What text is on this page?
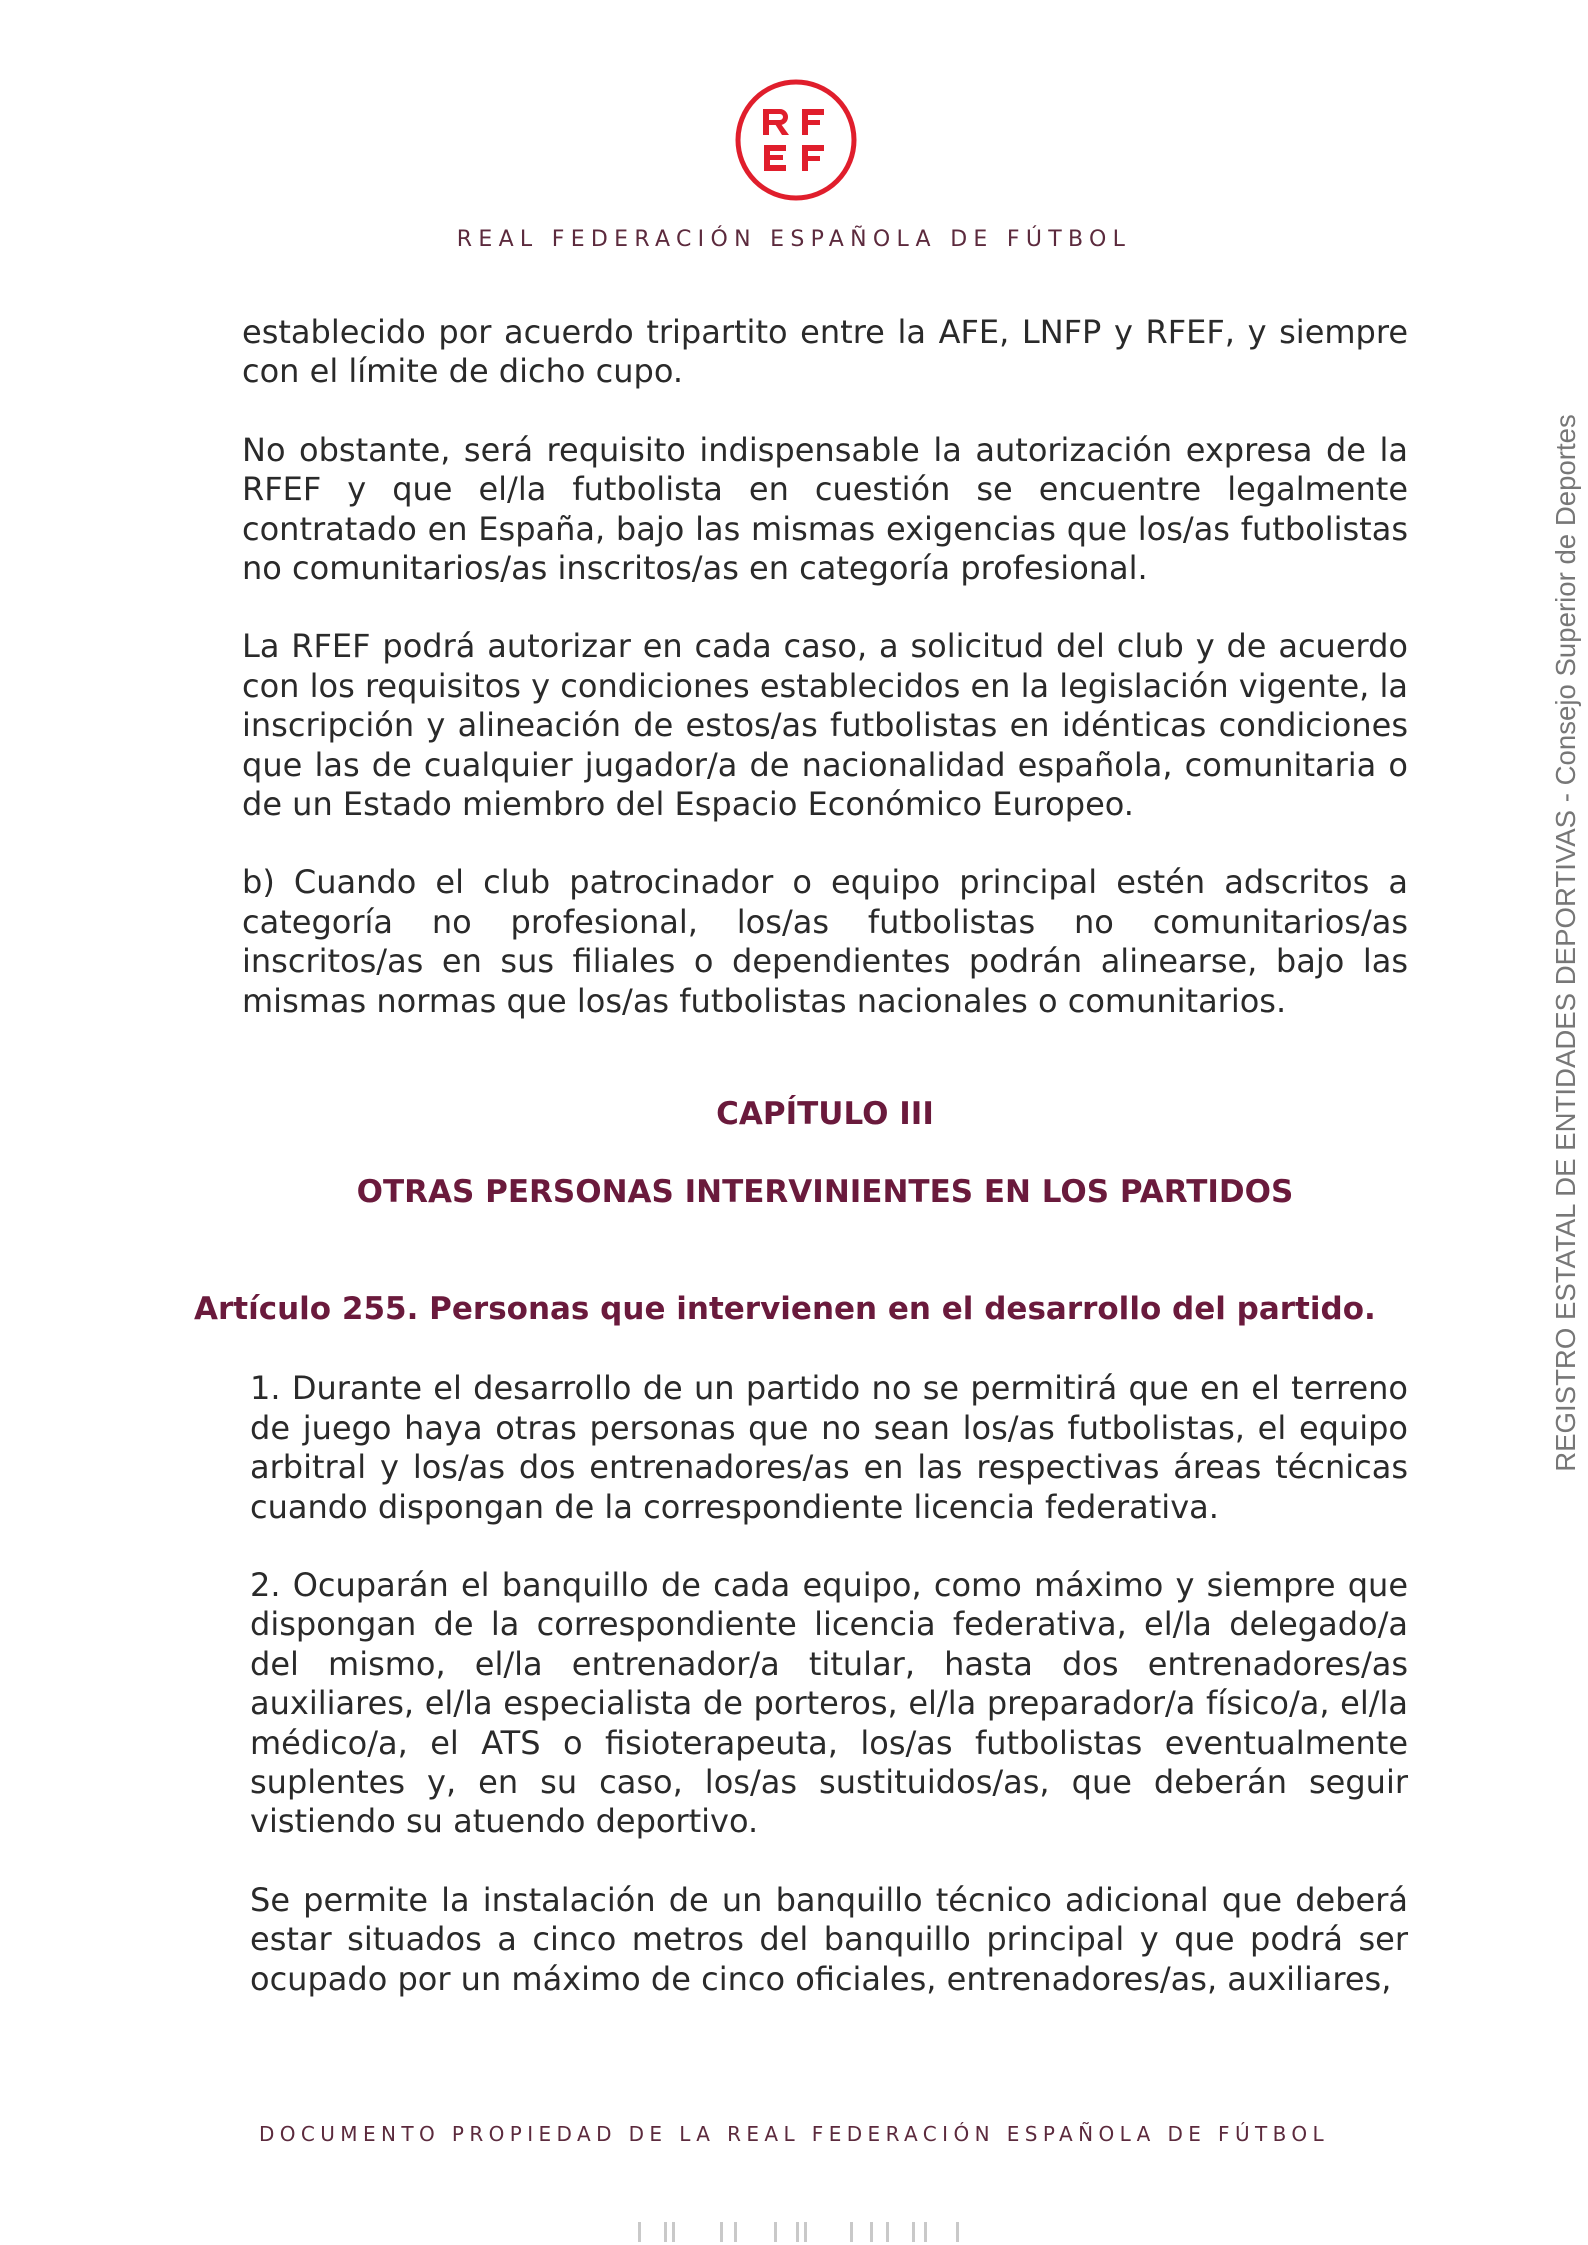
REAL FEDERACIÓN ESPAÑOLA DE FÚTBOL

establecido por acuerdo tripartito entre la AFE, LNFP y RFEF, y siempre con el límite de dicho cupo.

No obstante, será requisito indispensable la autorización expresa de la RFEF y que el/la futbolista en cuestión se encuentre legalmente contratado en España, bajo las mismas exigencias que los/as futbolistas no comunitarios/as inscritos/as en categoría profesional.

La RFEF podrá autorizar en cada caso, a solicitud del club y de acuerdo con los requisitos y condiciones establecidos en la legislación vigente, la inscripción y alineación de estos/as futbolistas en idénticas condiciones que las de cualquier jugador/a de nacionalidad española, comunitaria o de un Estado miembro del Espacio Económico Europeo.

b) Cuando el club patrocinador o equipo principal estén adscritos a categoría no profesional, los/as futbolistas no comunitarios/as inscritos/as en sus filiales o dependientes podrán alinearse, bajo las mismas normas que los/as futbolistas nacionales o comunitarios.

CAPÍTULO III
OTRAS PERSONAS INTERVINIENTES EN LOS PARTIDOS
Artículo 255. Personas que intervienen en el desarrollo del partido.

1. Durante el desarrollo de un partido no se permitirá que en el terreno de juego haya otras personas que no sean los/as futbolistas, el equipo arbitral y los/as dos entrenadores/as en las respectivas áreas técnicas cuando dispongan de la correspondiente licencia federativa.

2. Ocuparán el banquillo de cada equipo, como máximo y siempre que dispongan de la correspondiente licencia federativa, el/la delegado/a del mismo, el/la entrenador/a titular, hasta dos entrenadores/as auxiliares, el/la especialista de porteros, el/la preparador/a físico/a, el/la médico/a, el ATS o fisioterapeuta, los/as futbolistas eventualmente suplentes y, en su caso, los/as sustituidos/as, que deberán seguir vistiendo su atuendo deportivo.

Se permite la instalación de un banquillo técnico adicional que deberá estar situados a cinco metros del banquillo principal y que podrá ser ocupado por un máximo de cinco oficiales, entrenadores/as, auxiliares,

REGISTRO ESTATAL DE ENTIDADES DEPORTIVAS - Consejo Superior de Deportes
DOCUMENTO PROPIEDAD DE LA REAL FEDERACIÓN ESPAÑOLA DE FÚTBOL
